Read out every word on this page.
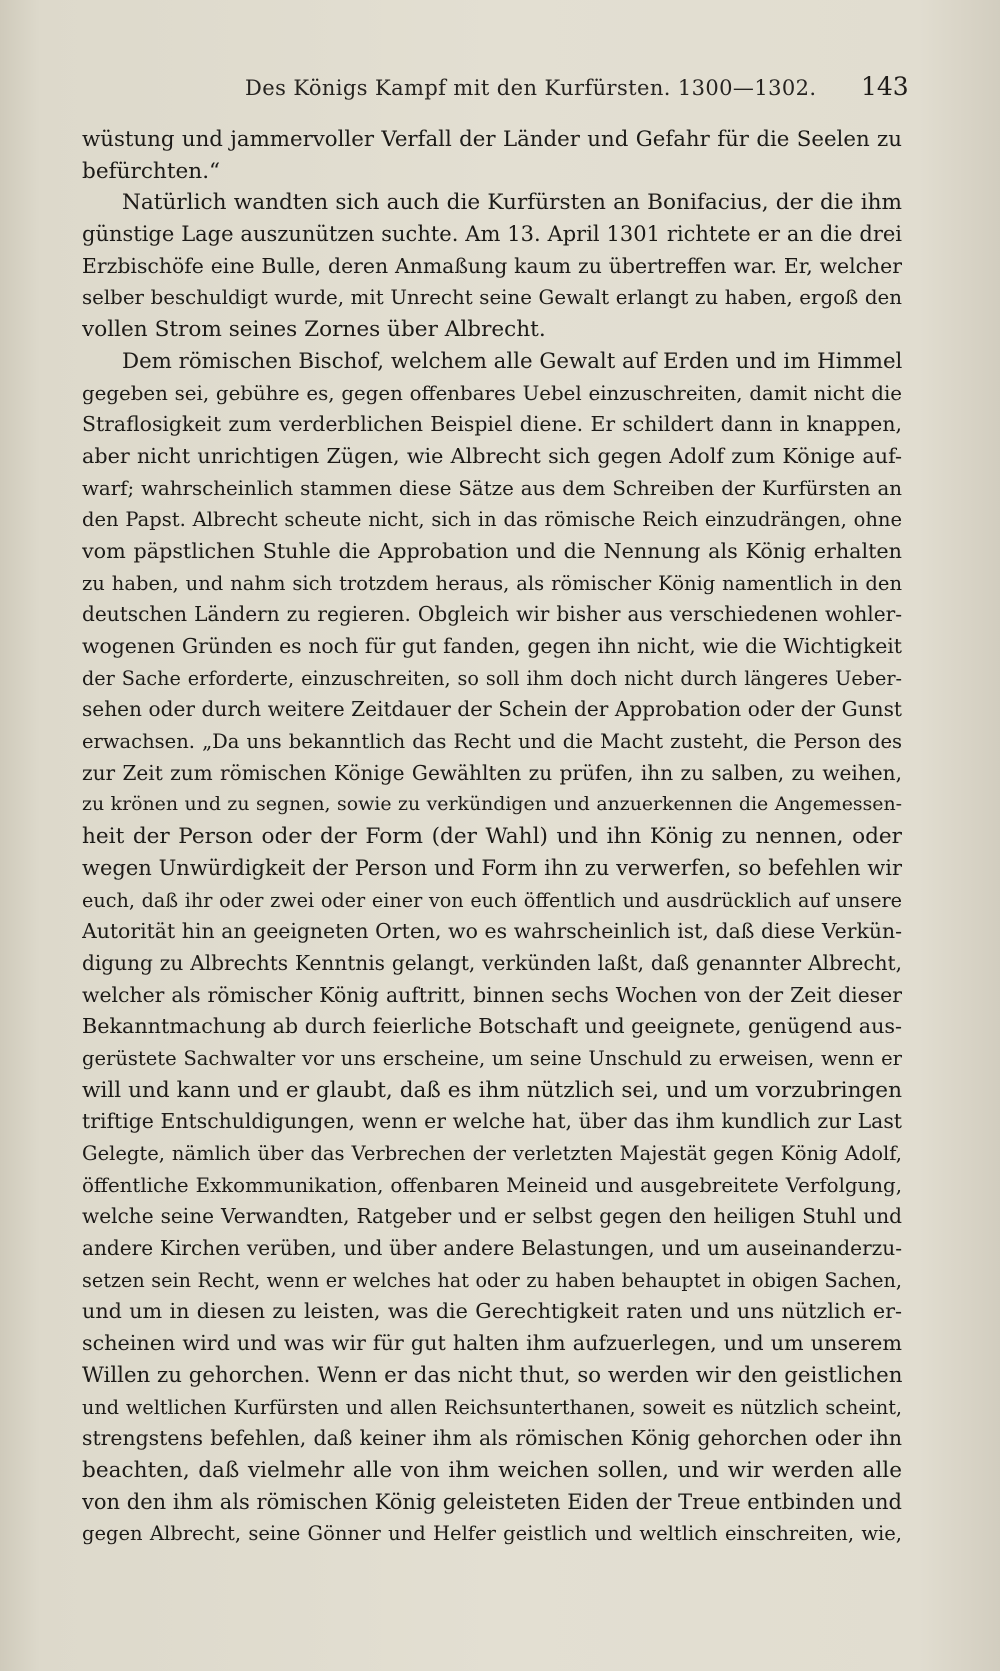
Des Königs Kampf mit den Kurfürsten. 1300—1302. 143
wüstung und jammervoller Verfall der Länder und Gefahr für die Seelen zu
befürchten.“
Natürlich wandten sich auch die Kurfürsten an Bonifacius, der die ihm
günstige Lage auszunützen suchte. Am 13. April 1301 richtete er an die drei
Erzbischöfe eine Bulle, deren Anmaßung kaum zu übertreffen war. Er, welcher
selber beschuldigt wurde, mit Unrecht seine Gewalt erlangt zu haben, ergoß den
vollen Strom seines Zornes über Albrecht.
Dem römischen Bischof, welchem alle Gewalt auf Erden und im Himmel
gegeben sei, gebühre es, gegen offenbares Uebel einzuschreiten, damit nicht die
Straflosigkeit zum verderblichen Beispiel diene. Er schildert dann in knappen,
aber nicht unrichtigen Zügen, wie Albrecht sich gegen Adolf zum Könige auf-
warf; wahrscheinlich stammen diese Sätze aus dem Schreiben der Kurfürsten an
den Papst. Albrecht scheute nicht, sich in das römische Reich einzudrängen, ohne
vom päpstlichen Stuhle die Approbation und die Nennung als König erhalten
zu haben, und nahm sich trotzdem heraus, als römischer König namentlich in den
deutschen Ländern zu regieren. Obgleich wir bisher aus verschiedenen wohler-
wogenen Gründen es noch für gut fanden, gegen ihn nicht, wie die Wichtigkeit
der Sache erforderte, einzuschreiten, so soll ihm doch nicht durch längeres Ueber-
sehen oder durch weitere Zeitdauer der Schein der Approbation oder der Gunst
erwachsen. „Da uns bekanntlich das Recht und die Macht zusteht, die Person des
zur Zeit zum römischen Könige Gewählten zu prüfen, ihn zu salben, zu weihen,
zu krönen und zu segnen, sowie zu verkündigen und anzuerkennen die Angemessen-
heit der Person oder der Form (der Wahl) und ihn König zu nennen, oder
wegen Unwürdigkeit der Person und Form ihn zu verwerfen, so befehlen wir
euch, daß ihr oder zwei oder einer von euch öffentlich und ausdrücklich auf unsere
Autorität hin an geeigneten Orten, wo es wahrscheinlich ist, daß diese Verkün-
digung zu Albrechts Kenntnis gelangt, verkünden laßt, daß genannter Albrecht,
welcher als römischer König auftritt, binnen sechs Wochen von der Zeit dieser
Bekanntmachung ab durch feierliche Botschaft und geeignete, genügend aus-
gerüstete Sachwalter vor uns erscheine, um seine Unschuld zu erweisen, wenn er
will und kann und er glaubt, daß es ihm nützlich sei, und um vorzubringen
triftige Entschuldigungen, wenn er welche hat, über das ihm kundlich zur Last
Gelegte, nämlich über das Verbrechen der verletzten Majestät gegen König Adolf,
öffentliche Exkommunikation, offenbaren Meineid und ausgebreitete Verfolgung,
welche seine Verwandten, Ratgeber und er selbst gegen den heiligen Stuhl und
andere Kirchen verüben, und über andere Belastungen, und um auseinanderzu-
setzen sein Recht, wenn er welches hat oder zu haben behauptet in obigen Sachen,
und um in diesen zu leisten, was die Gerechtigkeit raten und uns nützlich er-
scheinen wird und was wir für gut halten ihm aufzuerlegen, und um unserem
Willen zu gehorchen. Wenn er das nicht thut, so werden wir den geistlichen
und weltlichen Kurfürsten und allen Reichsunterthanen, soweit es nützlich scheint,
strengstens befehlen, daß keiner ihm als römischen König gehorchen oder ihn
beachten, daß vielmehr alle von ihm weichen sollen, und wir werden alle
von den ihm als römischen König geleisteten Eiden der Treue entbinden und
gegen Albrecht, seine Gönner und Helfer geistlich und weltlich einschreiten, wie,
